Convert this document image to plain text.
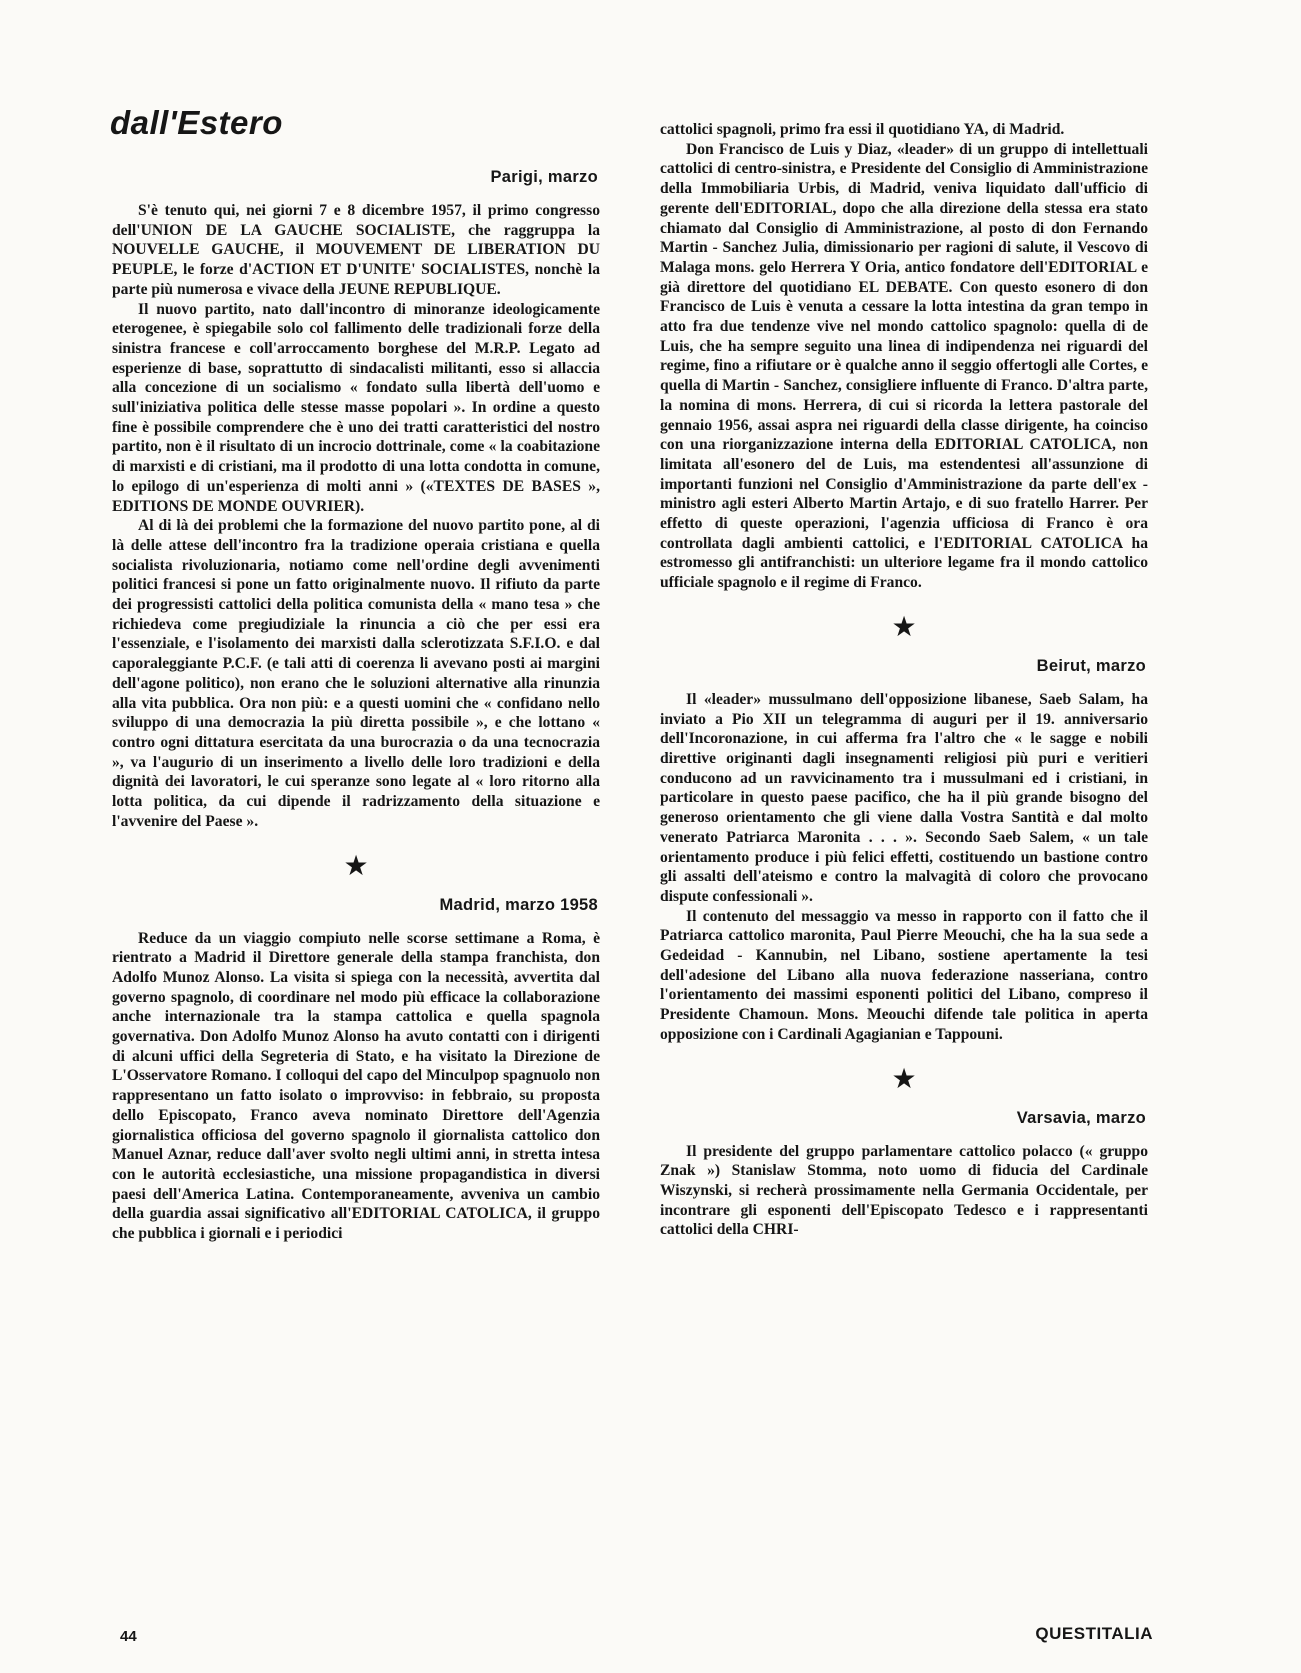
dall'Estero
Parigi, marzo

S'è tenuto qui, nei giorni 7 e 8 dicembre 1957, il primo congresso dell'UNION DE LA GAUCHE SOCIALISTE, che raggruppa la NOUVELLE GAUCHE, il MOUVEMENT DE LIBERATION DU PEUPLE, le forze d'ACTION ET D'UNITE' SOCIALISTES, nonchè la parte più numerosa e vivace della JEUNE REPUBLIQUE.

Il nuovo partito, nato dall'incontro di minoranze ideologicamente eterogenee, è spiegabile solo col fallimento delle tradizionali forze della sinistra francese e coll'arroccamento borghese del M.R.P. Legato ad esperienze di base, soprattutto di sindacalisti militanti, esso si allaccia alla concezione di un socialismo « fondato sulla libertà dell'uomo e sull'iniziativa politica delle stesse masse popolari ». In ordine a questo fine è possibile comprendere che è uno dei tratti caratteristici del nostro partito, non è il risultato di un incrocio dottrinale, come « la coabitazione di marxisti e di cristiani, ma il prodotto di una lotta condotta in comune, lo epilogo di un'esperienza di molti anni » («TEXTES DE BASES », EDITIONS DE MONDE OUVRIER).

Al di là dei problemi che la formazione del nuovo partito pone, al di là delle attese dell'incontro fra la tradizione operaia cristiana e quella socialista rivoluzionaria, notiamo come nell'ordine degli avvenimenti politici francesi si pone un fatto originalmente nuovo. Il rifiuto da parte dei progressisti cattolici della politica comunista della « mano tesa » che richiedeva come pregiudiziale la rinuncia a ciò che per essi era l'essenziale, e l'isolamento dei marxisti dalla sclerotizzata S.F.I.O. e dal caporaleggiante P.C.F. (e tali atti di coerenza li avevano posti ai margini dell'agone politico), non erano che le soluzioni alternative alla rinunzia alla vita pubblica. Ora non più: e a questi uomini che « confidano nello sviluppo di una democrazia la più diretta possibile », e che lottano « contro ogni dittatura esercitata da una burocrazia o da una tecnocrazia », va l'augurio di un inserimento a livello delle loro tradizioni e della dignità dei lavoratori, le cui speranze sono legate al « loro ritorno alla lotta politica, da cui dipende il radrizzamento della situazione e l'avvenire del Paese ».

★
Madrid, marzo 1958

Reduce da un viaggio compiuto nelle scorse settimane a Roma, è rientrato a Madrid il Direttore generale della stampa franchista, don Adolfo Munoz Alonso. La visita si spiega con la necessità, avvertita dal governo spagnolo, di coordinare nel modo più efficace la collaborazione anche internazionale tra la stampa cattolica e quella spagnola governativa. Don Adolfo Munoz Alonso ha avuto contatti con i dirigenti di alcuni uffici della Segreteria di Stato, e ha visitato la Direzione de L'Osservatore Romano. I colloqui del capo del Minculpop spagnuolo non rappresentano un fatto isolato o improvviso: in febbraio, su proposta dello Episcopato, Franco aveva nominato Direttore dell'Agenzia giornalistica officiosa del governo spagnolo il giornalista cattolico don Manuel Aznar, reduce dall'aver svolto negli ultimi anni, in stretta intesa con le autorità ecclesiastiche, una missione propagandistica in diversi paesi dell'America Latina. Contemporaneamente, avveniva un cambio della guardia assai significativo all'EDITORIAL CATOLICA, il gruppo che pubblica i giornali e i periodici

cattolici spagnoli, primo fra essi il quotidiano YA, di Madrid.

Don Francisco de Luis y Diaz, «leader» di un gruppo di intellettuali cattolici di centro-sinistra, e Presidente del Consiglio di Amministrazione della Immobiliaria Urbis, di Madrid, veniva liquidato dall'ufficio di gerente dell'EDITORIAL, dopo che alla direzione della stessa era stato chiamato dal Consiglio di Amministrazione, al posto di don Fernando Martin - Sanchez Julia, dimissionario per ragioni di salute, il Vescovo di Malaga mons. gelo Herrera Y Oria, antico fondatore dell'EDITORIAL e già direttore del quotidiano EL DEBATE. Con questo esonero di don Francisco de Luis è venuta a cessare la lotta intestina da gran tempo in atto fra due tendenze vive nel mondo cattolico spagnolo: quella di de Luis, che ha sempre seguito una linea di indipendenza nei riguardi del regime, fino a rifiutare or è qualche anno il seggio offertogli alle Cortes, e quella di Martin - Sanchez, consigliere influente di Franco. D'altra parte, la nomina di mons. Herrera, di cui si ricorda la lettera pastorale del gennaio 1956, assai aspra nei riguardi della classe dirigente, ha coinciso con una riorganizzazione interna della EDITORIAL CATOLICA, non limitata all'esonero del de Luis, ma estendentesi all'assunzione di importanti funzioni nel Consiglio d'Amministrazione da parte dell'ex - ministro agli esteri Alberto Martin Artajo, e di suo fratello Harrer. Per effetto di queste operazioni, l'agenzia ufficiosa di Franco è ora controllata dagli ambienti cattolici, e l'EDITORIAL CATOLICA ha estromesso gli antifranchisti: un ulteriore legame fra il mondo cattolico ufficiale spagnolo e il regime di Franco.

★
Beirut, marzo

Il «leader» mussulmano dell'opposizione libanese, Saeb Salam, ha inviato a Pio XII un telegramma di auguri per il 19. anniversario dell'Incoronazione, in cui afferma fra l'altro che « le sagge e nobili direttive originanti dagli insegnamenti religiosi più puri e veritieri conducono ad un ravvicinamento tra i mussulmani ed i cristiani, in particolare in questo paese pacifico, che ha il più grande bisogno del generoso orientamento che gli viene dalla Vostra Santità e dal molto venerato Patriarca Maronita . . . ». Secondo Saeb Salem, « un tale orientamento produce i più felici effetti, costituendo un bastione contro gli assalti dell'ateismo e contro la malvagità di coloro che provocano dispute confessionali ».

Il contenuto del messaggio va messo in rapporto con il fatto che il Patriarca cattolico maronita, Paul Pierre Meouchi, che ha la sua sede a Gedeidad - Kannubin, nel Libano, sostiene apertamente la tesi dell'adesione del Libano alla nuova federazione nasseriana, contro l'orientamento dei massimi esponenti politici del Libano, compreso il Presidente Chamoun. Mons. Meouchi difende tale politica in aperta opposizione con i Cardinali Agagianian e Tappouni.

★
Varsavia, marzo

Il presidente del gruppo parlamentare cattolico polacco (« gruppo Znak ») Stanislaw Stomma, noto uomo di fiducia del Cardinale Wiszynski, si recherà prossimamente nella Germania Occidentale, per incontrare gli esponenti dell'Episcopato Tedesco e i rappresentanti cattolici della CHRI-

44	QUESTITALIA
